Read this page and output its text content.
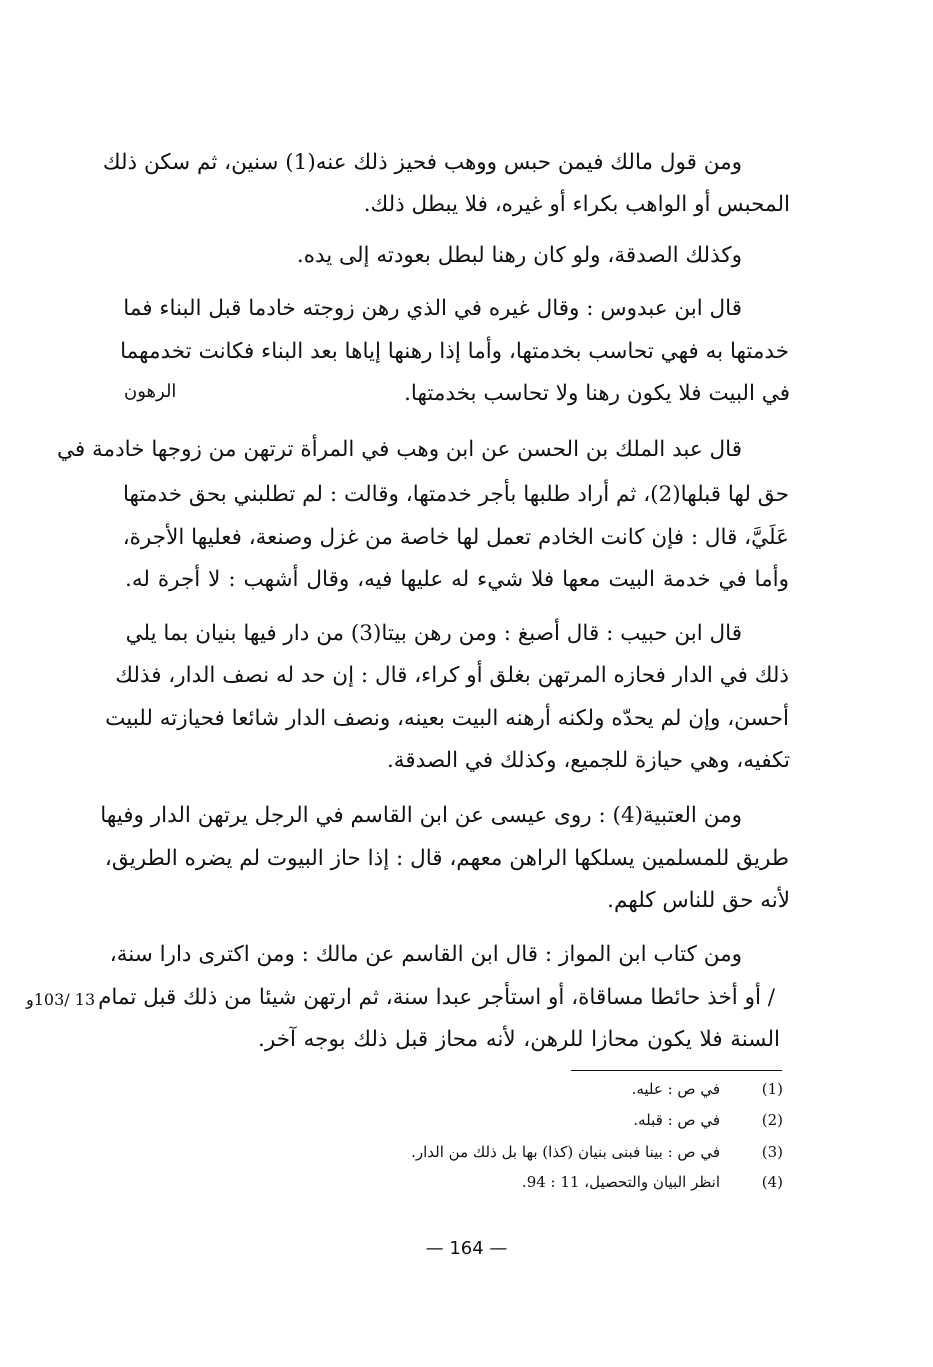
ومن قول مالك فيمن حبس ووهب فحيز ذلك عنه(1) سنين، ثم سكن ذلك
المحبس أو الواهب بكراء أو غيره، فلا يبطل ذلك.
وكذلك الصدقة، ولو كان رهنا لبطل بعودته إلى يده.
قال ابن عبدوس : وقال غيره في الذي رهن زوجته خادما قبل البناء فما
خدمتها به فهي تحاسب بخدمتها، وأما إذا رهنها إياها بعد البناء فكانت تخدمهما
في البيت فلا يكون رهنا ولا تحاسب بخدمتها.
الرهون
قال عبد الملك بن الحسن عن ابن وهب في المرأة ترتهن من زوجها خادمة في
حق لها قبلها(2)، ثم أراد طلبها بأجر خدمتها، وقالت : لم تطلبني بحق خدمتها
عَلَيَّ، قال : فإن كانت الخادم تعمل لها خاصة من غزل وصنعة، فعليها الأجرة،
وأما في خدمة البيت معها فلا شيء له عليها فيه، وقال أشهب : لا أجرة له.
قال ابن حبيب : قال أصبغ : ومن رهن بيتا(3) من دار فيها بنيان بما يلي
ذلك في الدار فحازه المرتهن بغلق أو كراء، قال : إن حد له نصف الدار، فذلك
أحسن، وإن لم يحدّه ولكنه أرهنه البيت بعينه، ونصف الدار شائعا فحيازته للبيت
تكفيه، وهي حيازة للجميع، وكذلك في الصدقة.
ومن العتبية(4) : روى عيسى عن ابن القاسم في الرجل يرتهن الدار وفيها
طريق للمسلمين يسلكها الراهن معهم، قال : إذا حاز البيوت لم يضره الطريق،
لأنه حق للناس كلهم.
ومن كتاب ابن المواز : قال ابن القاسم عن مالك : ومن اكترى دارا سنة،
/ أو أخذ حائطا مساقاة، أو استأجر عبدا سنة، ثم ارتهن شيئا من ذلك قبل تمام
13 /103و
السنة فلا يكون محازا للرهن، لأنه محاز قبل ذلك بوجه آخر.
(1)في ص : عليه.
(2)في ص : قبله.
(3)في ص : بينا فبنى بنيان (كذا) بها بل ذلك من الدار.
(4)انظر البيان والتحصيل، 11 : 94.
— 164 —
